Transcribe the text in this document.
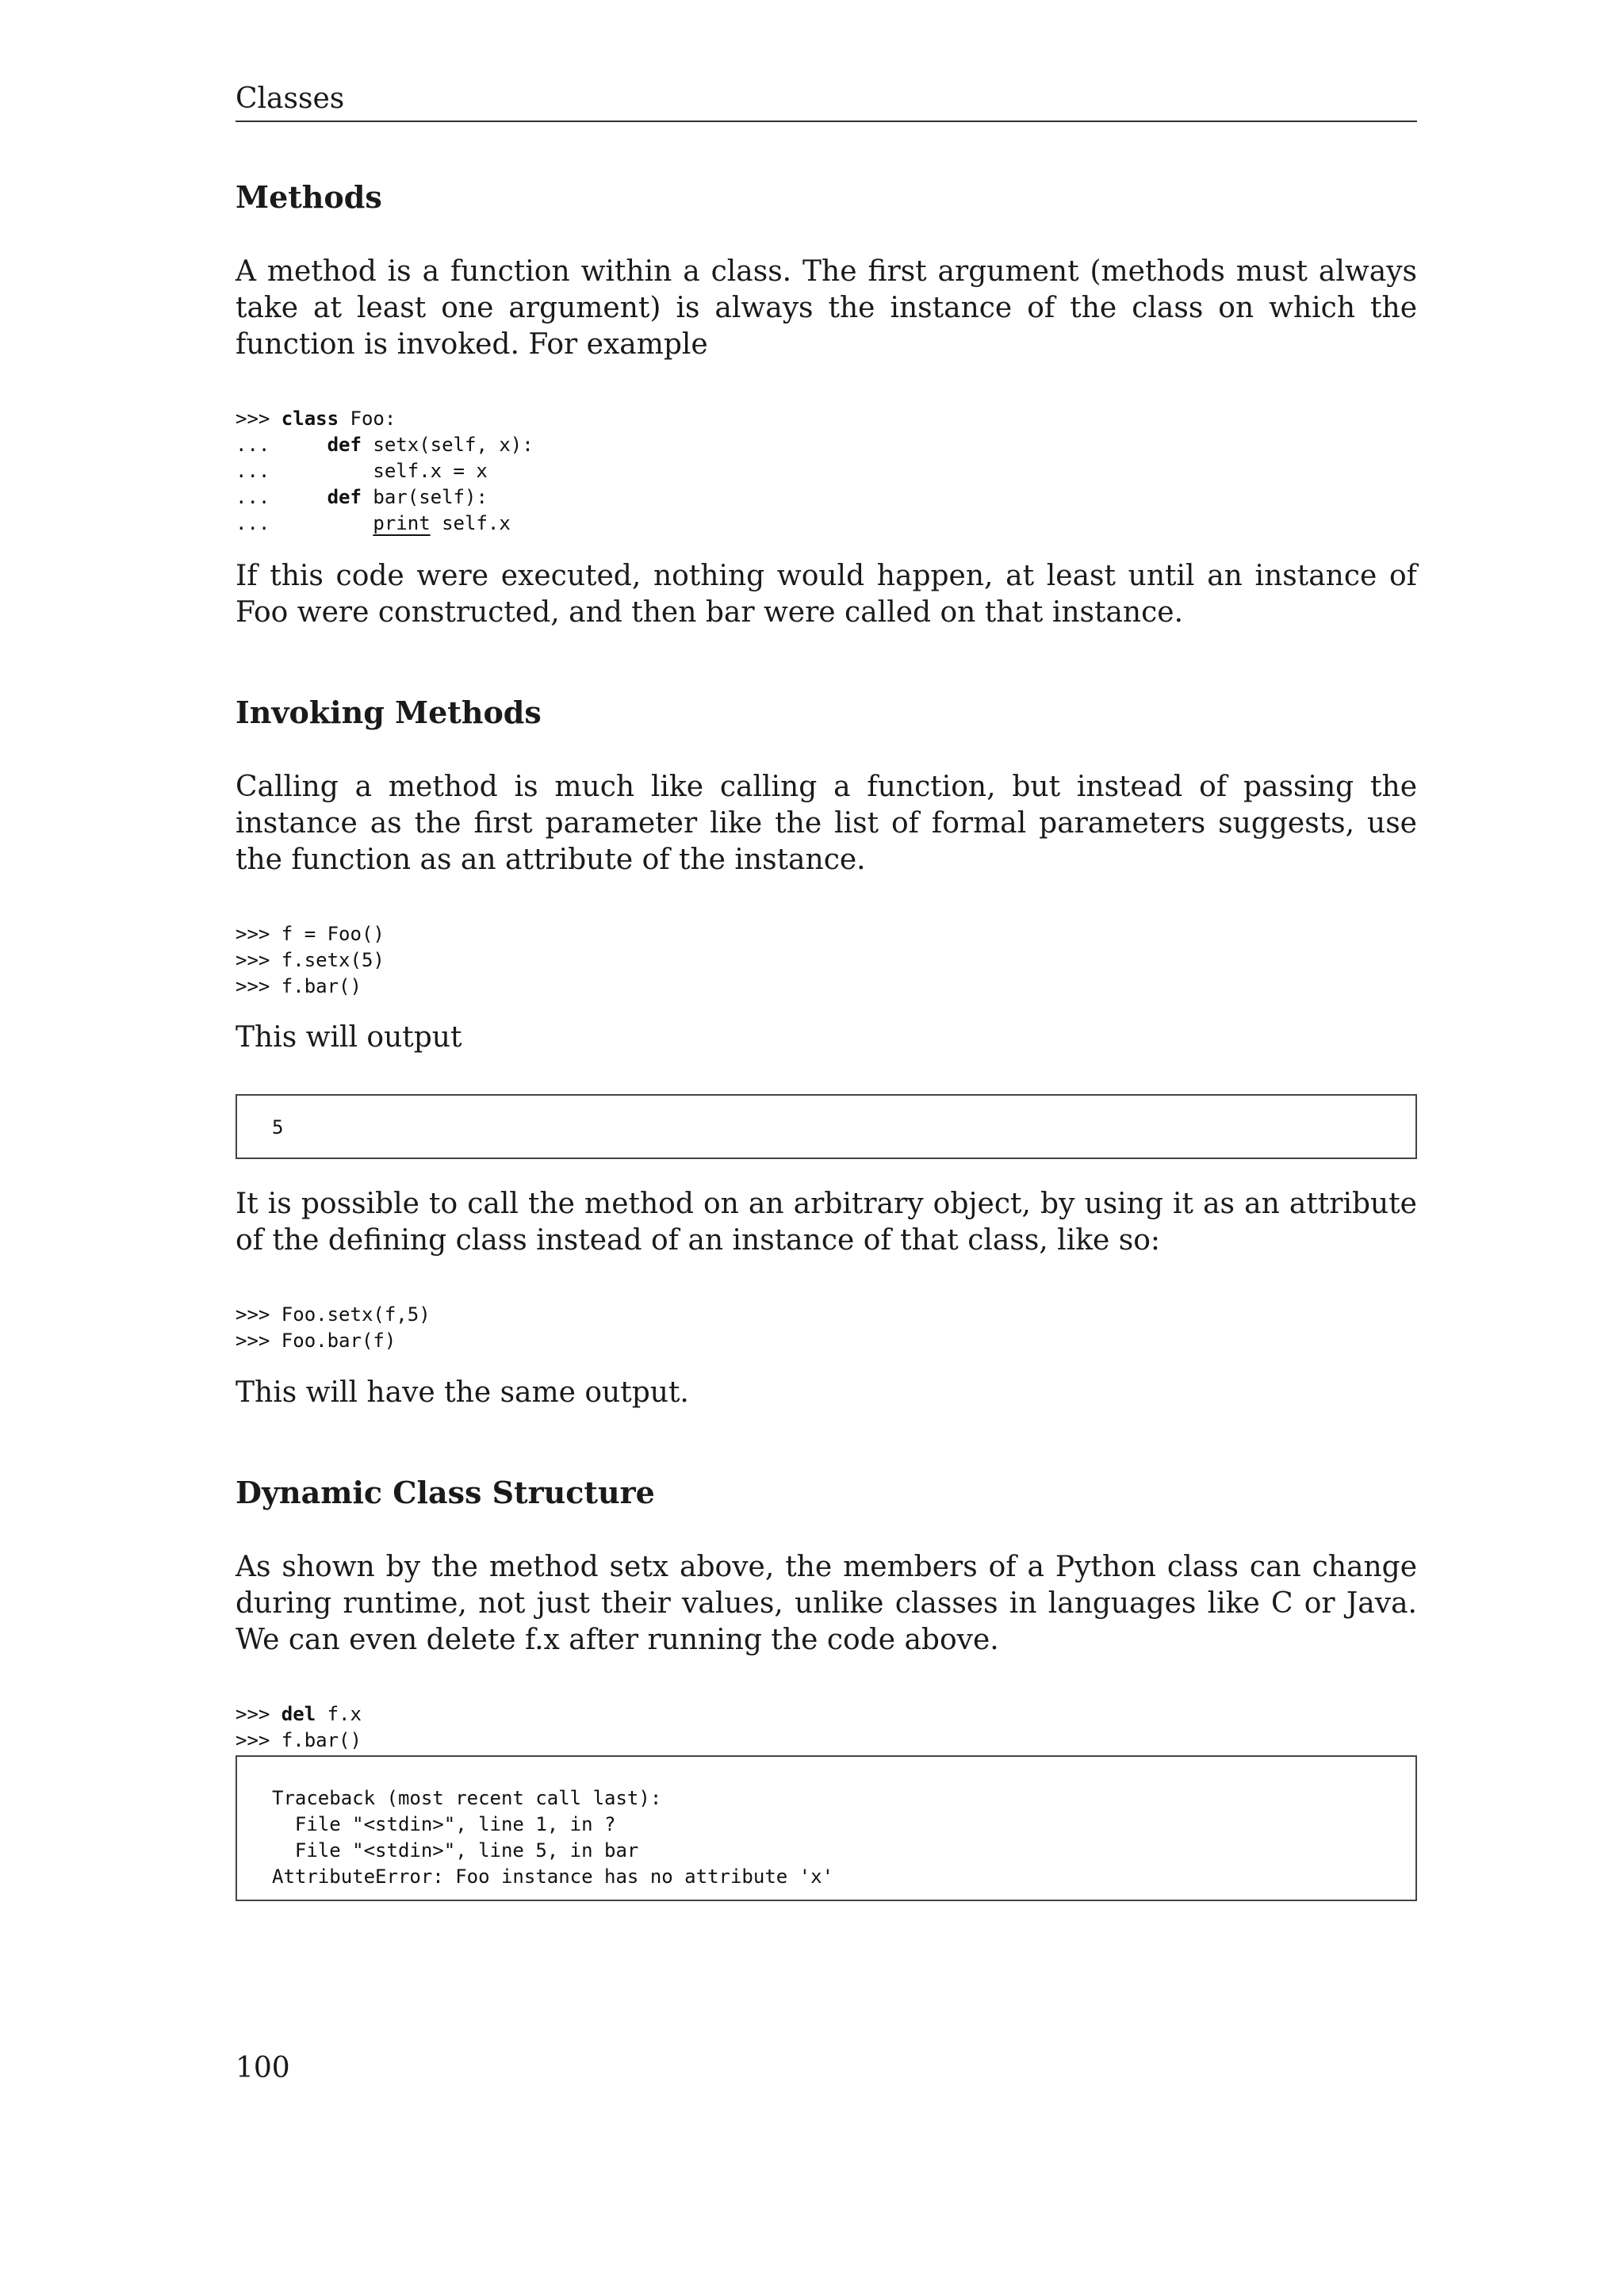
Classes
Methods

A method is a function within a class. The first argument (methods must always take at least one argument) is always the instance of the class on which the function is invoked. For example

>>> class Foo:
...     def setx(self, x):
...         self.x = x
...     def bar(self):
...         print self.x

If this code were executed, nothing would happen, at least until an instance of Foo were constructed, and then bar were called on that instance.

Invoking Methods

Calling a method is much like calling a function, but instead of passing the instance as the first parameter like the list of formal parameters suggests, use the function as an attribute of the instance.

>>> f = Foo()
>>> f.setx(5)
>>> f.bar()

This will output

5

It is possible to call the method on an arbitrary object, by using it as an attribute of the defining class instead of an instance of that class, like so:

>>> Foo.setx(f,5)
>>> Foo.bar(f)

This will have the same output.

Dynamic Class Structure

As shown by the method setx above, the members of a Python class can change during runtime, not just their values, unlike classes in languages like C or Java. We can even delete f.x after running the code above.

>>> del f.x
>>> f.bar()
Traceback (most recent call last):
File "<stdin>", line 1, in ?
File "<stdin>", line 5, in bar
AttributeError: Foo instance has no attribute 'x'
100
